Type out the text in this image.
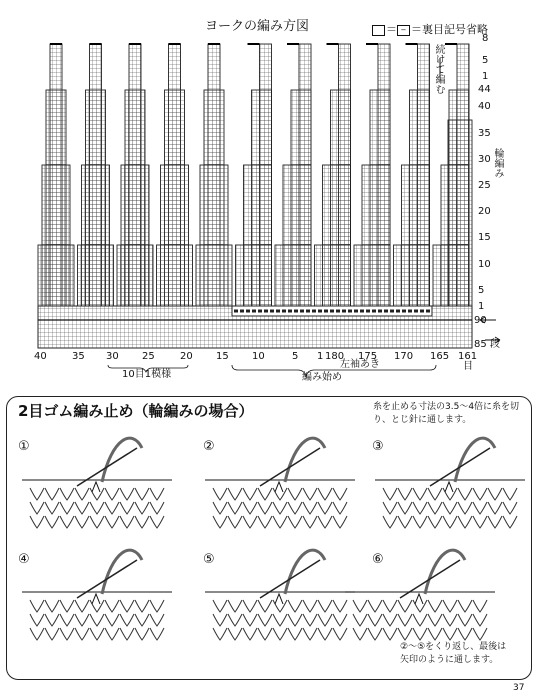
ヨークの編み方図	＝ − ＝裏目記号省略
続けて編む
輪編み
8
5
1
44
40
35
30
25
20
15
10
5
1
90
85 段
40	35 30 25	20 15 10	5 1 180 175 170 165 161
目
10目1模様
左袖あき
編み始め
2目ゴム編み止め（輪編みの場合）	糸を止める寸法の3.5〜4倍に糸を切り、とじ針に通します。
①	②	③
④	⑤	⑥
②〜⑤をくり返し、最後は矢印のように通します。
37
